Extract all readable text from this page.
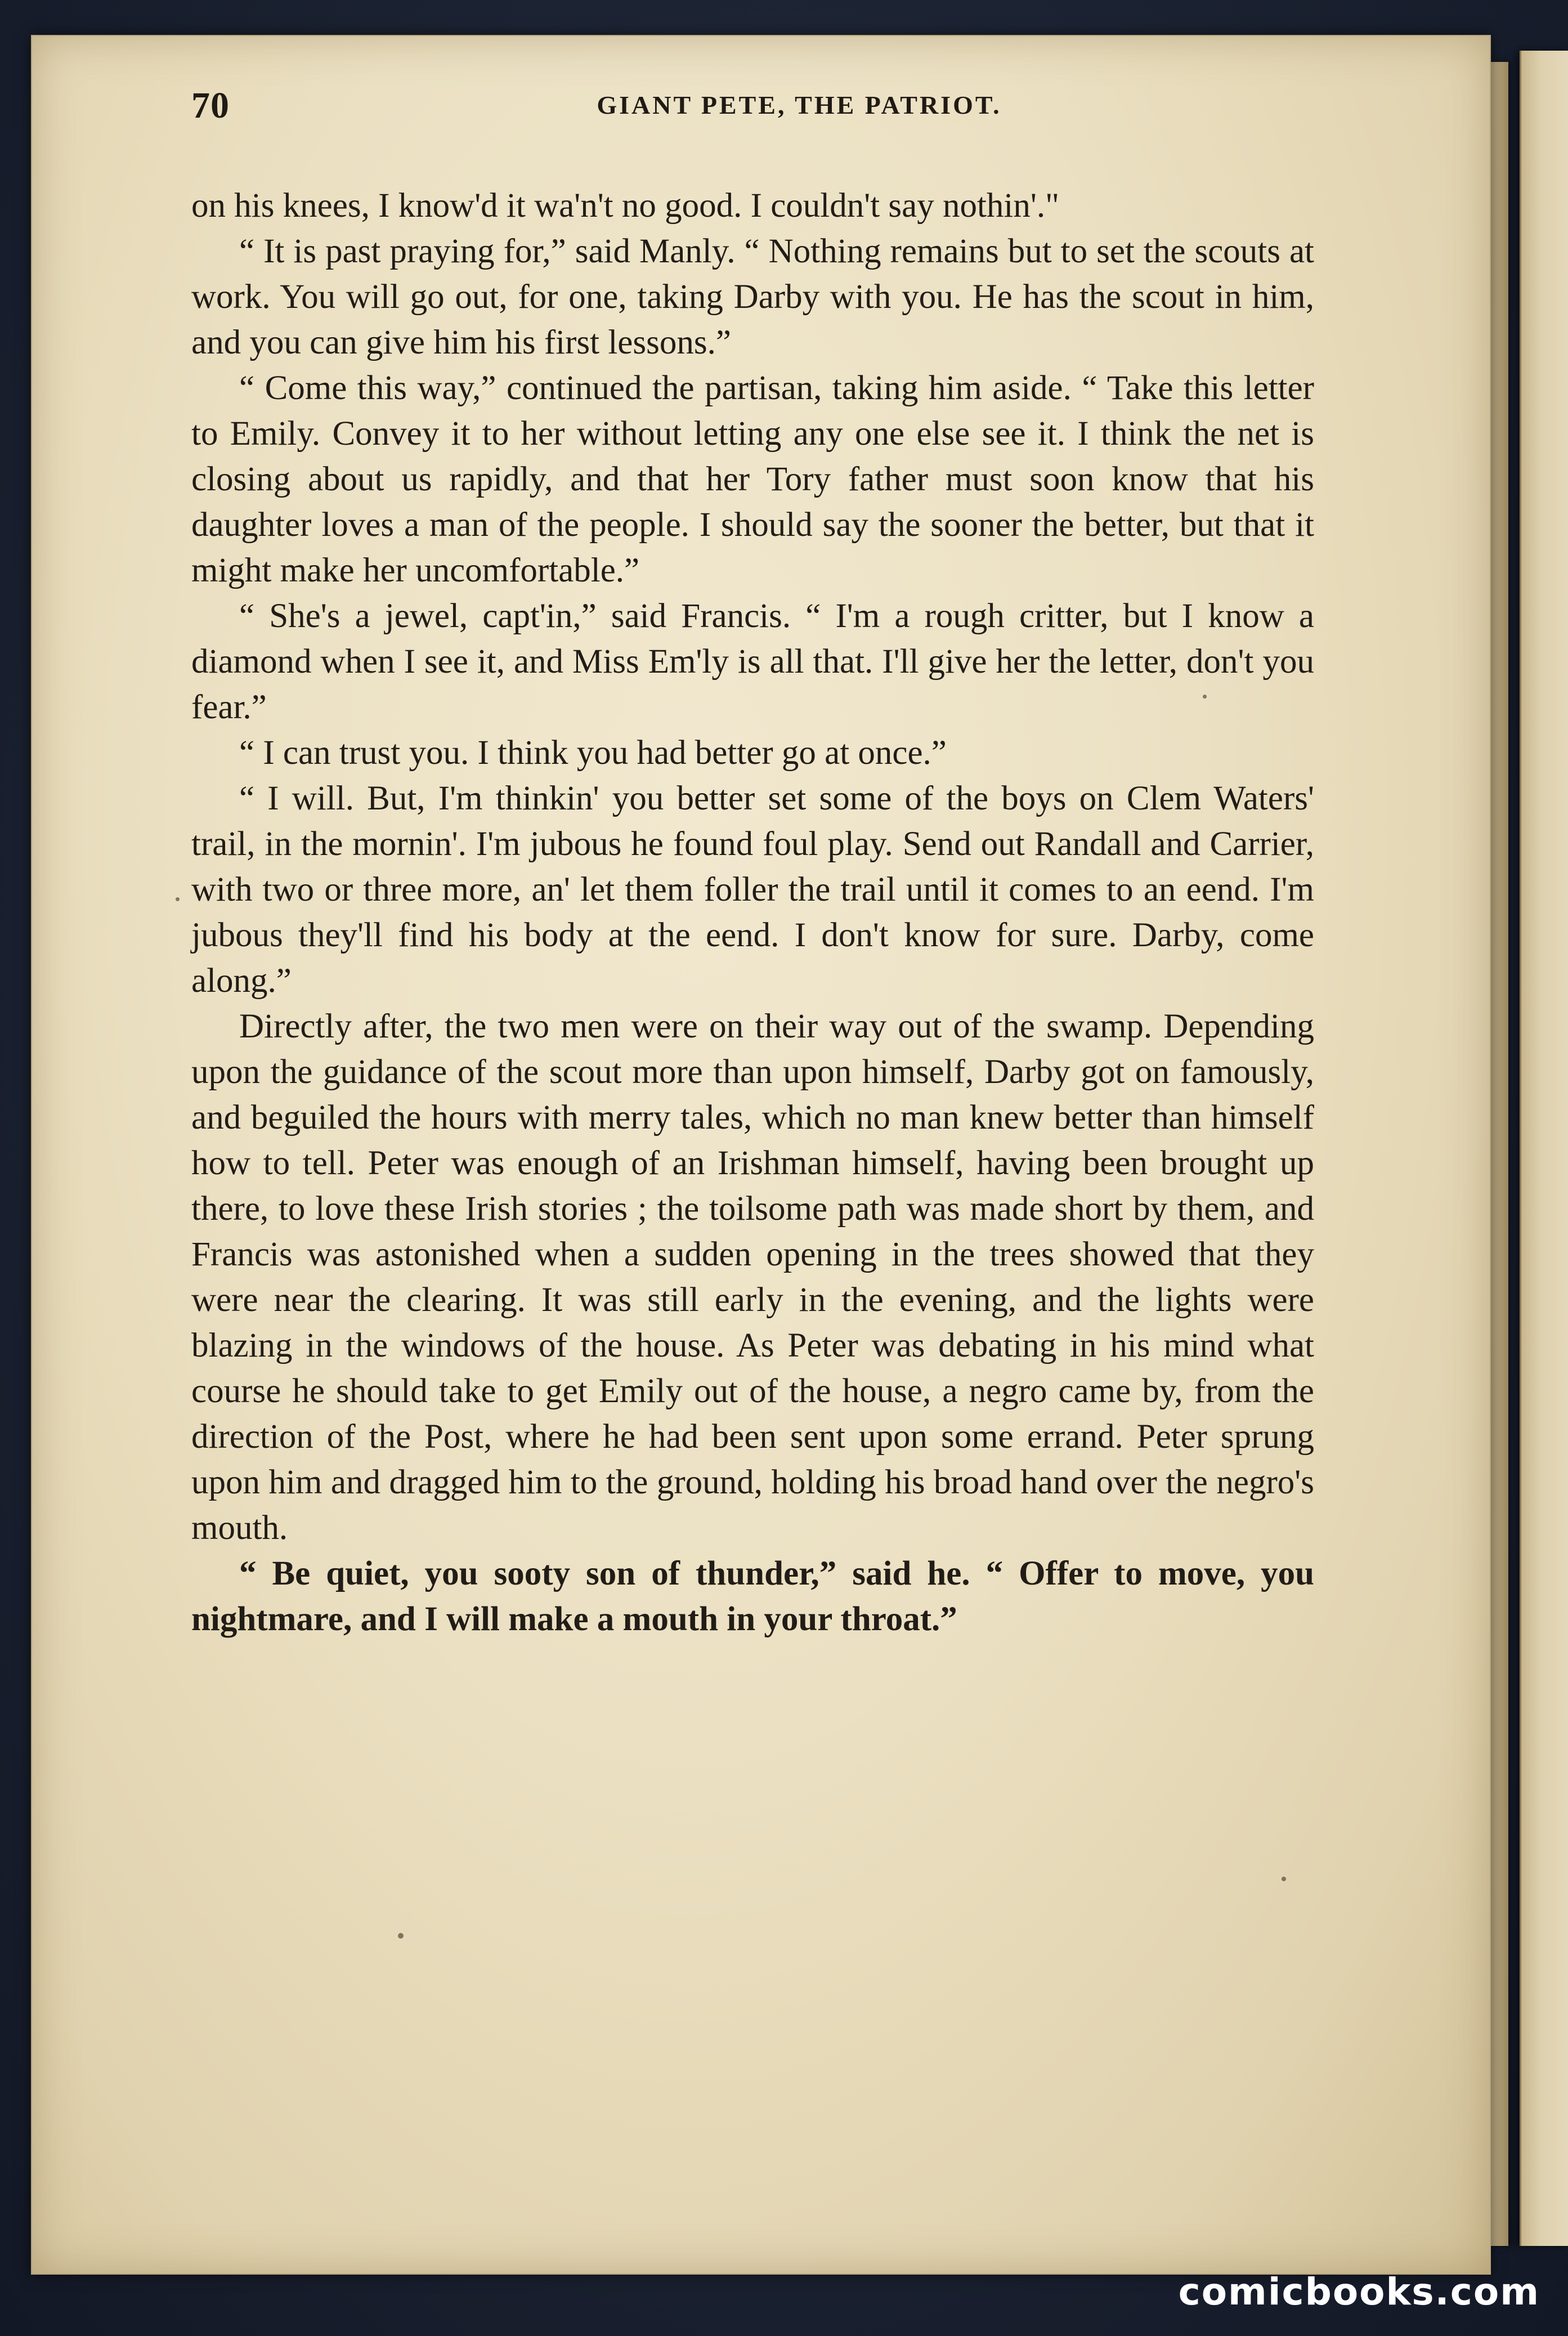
70	GIANT PETE, THE PATRIOT.

on his knees, I know'd it wa'n't no good. I couldn't say nothin'."

“ It is past praying for,” said Manly. “ Nothing remains but to set the scouts at work. You will go out, for one, taking Darby with you. He has the scout in him, and you can give him his first lessons.”

“ Come this way,” continued the partisan, taking him aside. “ Take this letter to Emily. Convey it to her without letting any one else see it. I think the net is closing about us rapidly, and that her Tory father must soon know that his daughter loves a man of the people. I should say the sooner the better, but that it might make her uncomfortable.”

“ She's a jewel, capt'in,” said Francis. “ I'm a rough critter, but I know a diamond when I see it, and Miss Em'ly is all that. I'll give her the letter, don't you fear.”

“ I can trust you. I think you had better go at once.”

“ I will. But, I'm thinkin' you better set some of the boys on Clem Waters' trail, in the mornin'. I'm jubous he found foul play. Send out Randall and Carrier, with two or three more, an' let them foller the trail until it comes to an eend. I'm jubous they'll find his body at the eend. I don't know for sure. Darby, come along.”

Directly after, the two men were on their way out of the swamp. Depending upon the guidance of the scout more than upon himself, Darby got on famously, and beguiled the hours with merry tales, which no man knew better than himself how to tell. Peter was enough of an Irishman himself, having been brought up there, to love these Irish stories ; the toilsome path was made short by them, and Francis was astonished when a sudden opening in the trees showed that they were near the clearing. It was still early in the evening, and the lights were blazing in the windows of the house. As Peter was debating in his mind what course he should take to get Emily out of the house, a negro came by, from the direction of the Post, where he had been sent upon some errand. Peter sprung upon him and dragged him to the ground, holding his broad hand over the negro's mouth.

“ Be quiet, you sooty son of thunder,” said he. “ Offer to move, you nightmare, and I will make a mouth in your throat.”

comicbooks.com
